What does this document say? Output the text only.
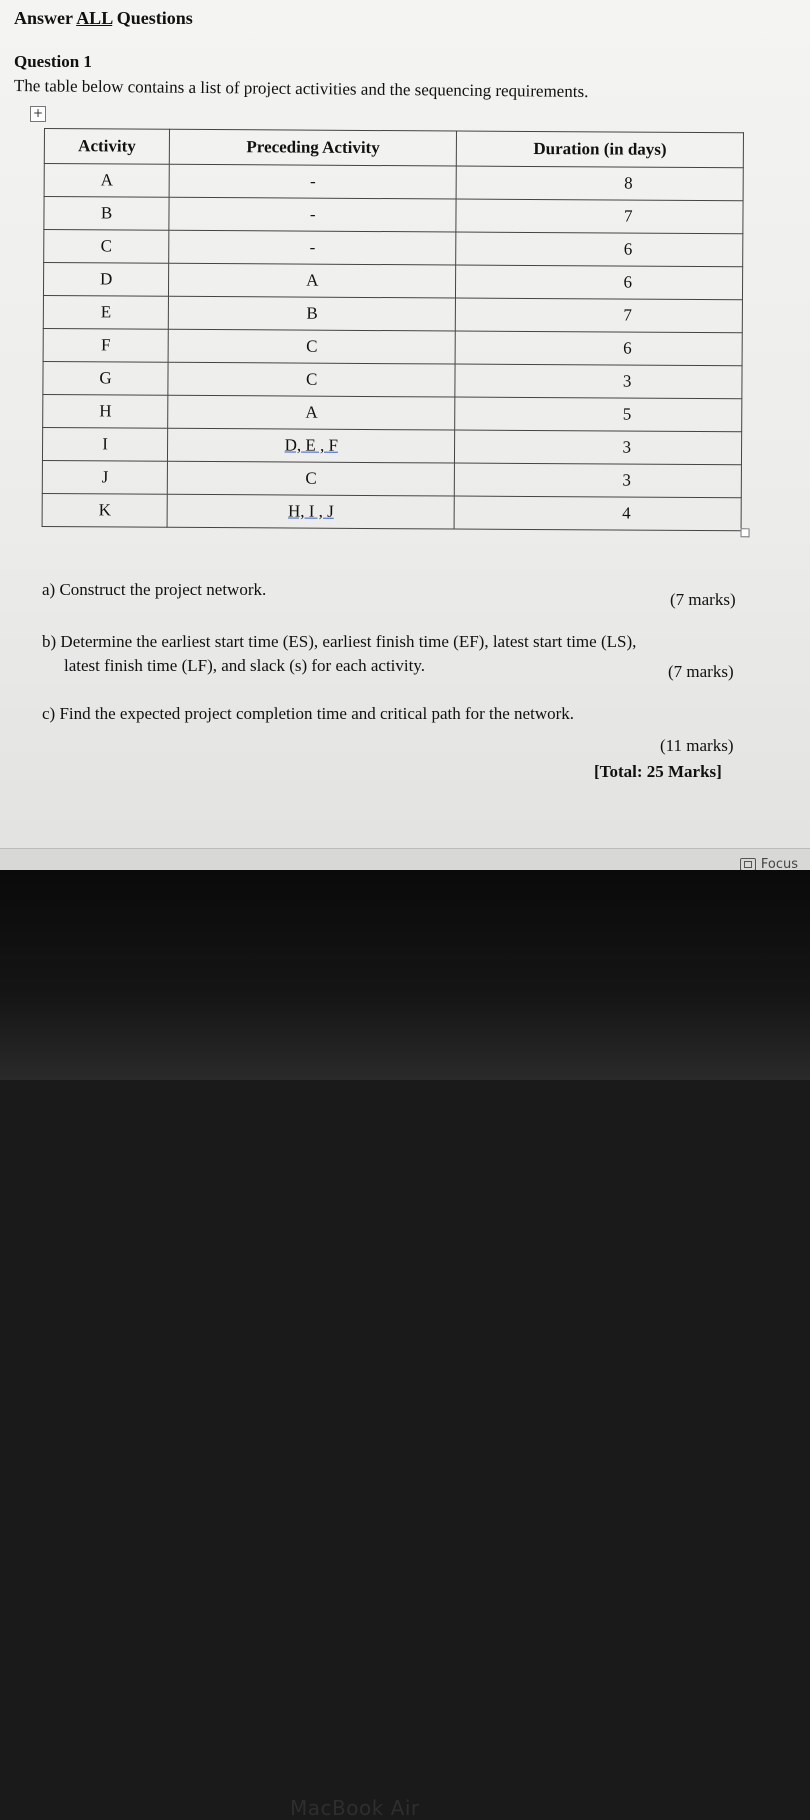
Answer ALL Questions
Question 1
The table below contains a list of project activities and the sequencing requirements.
+
Activity	Preceding Activity	Duration (in days)
A	-	8
B	-	7
C	-	6
D	A	6
E	B	7
F	C	6
G	C	3
H	A	5
I	D, E , F	3
J	C	3
K	H, I , J	4
a) Construct the project network.
(7 marks)
b) Determine the earliest start time (ES), earliest finish time (EF), latest start time (LS),
latest finish time (LF), and slack (s) for each activity.	(7 marks)
c) Find the expected project completion time and critical path for the network.
(11 marks)
[Total: 25 Marks]
Focus
MacBook Air
